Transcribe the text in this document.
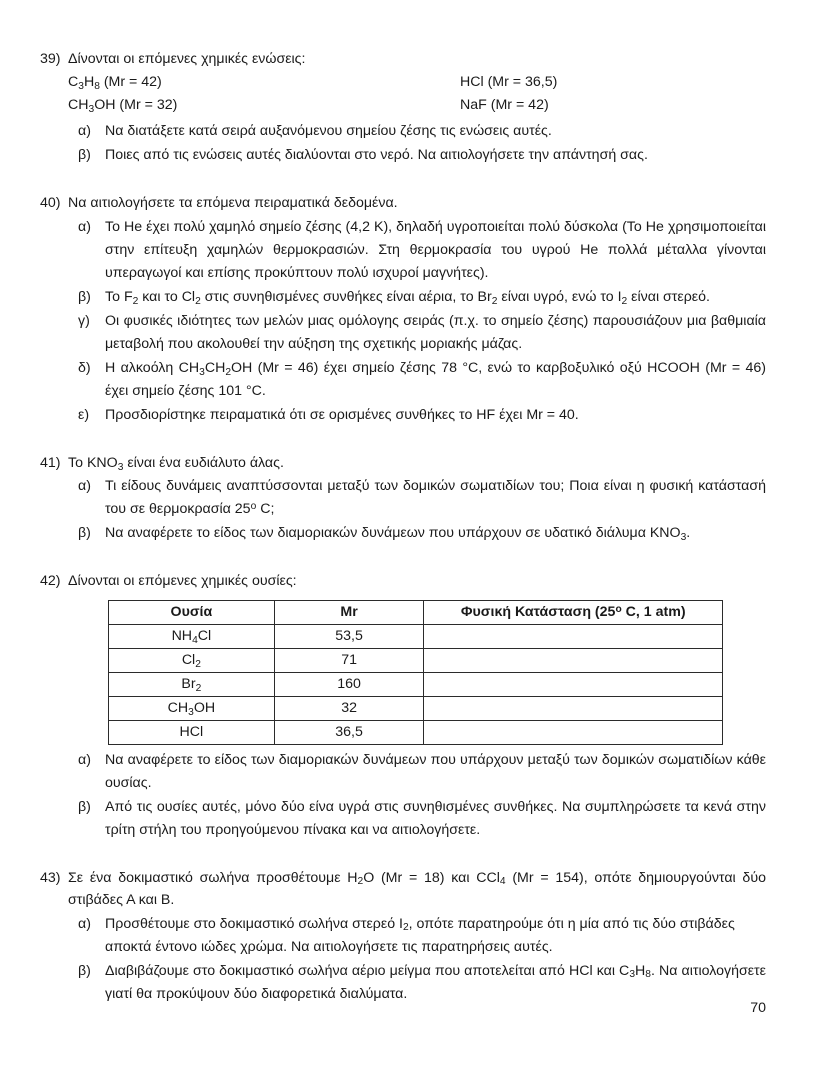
39) Δίνονται οι επόμενες χημικές ενώσεις:
$C_3H_8$ (Mr = 42)	HCl (Mr = 36,5)
$CH_3OH$ (Mr = 32)	NaF (Mr = 42)
α) Να διατάξετε κατά σειρά αυξανόμενου σημείου ζέσης τις ενώσεις αυτές.
β) Ποιες από τις ενώσεις αυτές διαλύονται στο νερό. Να αιτιολογήσετε την απάντησή σας.
40) Να αιτιολογήσετε τα επόμενα πειραματικά δεδομένα.
α) Το He έχει πολύ χαμηλό σημείο ζέσης (4,2 Κ), δηλαδή υγροποιείται πολύ δύσκολα (Το He χρησιμοποιείται στην επίτευξη χαμηλών θερμοκρασιών. Στη θερμοκρασία του υγρού He πολλά μέταλλα γίνονται υπεραγωγοί και επίσης προκύπτουν πολύ ισχυροί μαγνήτες).
β) Το $F_2$ και το $Cl_2$ στις συνηθισμένες συνθήκες είναι αέρια, το $Br_2$ είναι υγρό, ενώ το $I_2$ είναι στερεό.
γ)	Οι φυσικές ιδιότητες των μελών μιας ομόλογης σειράς (π.χ. το σημείο ζέσης) παρουσιάζουν μια βαθμιαία μεταβολή που ακολουθεί την αύξηση της σχετικής μοριακής μάζας.
δ)	Η αλκοόλη $CH_3CH_2OH$ (Mr = 46) έχει σημείο ζέσης 78 °C, ενώ το καρβοξυλικό οξύ HCOOH (Mr = 46) έχει σημείο ζέσης 101 °C.
ε)	Προσδιορίστηκε πειραματικά ότι σε ορισμένες συνθήκες το HF έχει Mr = 40.
41) Το $KNO_3$ είναι ένα ευδιάλυτο άλας.
α) Τι είδους δυνάμεις αναπτύσσονται μεταξύ των δομικών σωματιδίων του; Ποια είναι η φυσική κατάστασή του σε θερμοκρασία $25^o$ C;
β) Να αναφέρετε το είδος των διαμοριακών δυνάμεων που υπάρχουν σε υδατικό διάλυμα $KNO_3$.
42) Δίνονται οι επόμενες χημικές ουσίες:
Ουσία	Mr	Φυσική Κατάσταση ($25^o$ C, 1 atm)
$NH_4Cl$	53,5	
$Cl_2$	71	
$Br_2$	160	
$CH_3OH$	32	
HCl	36,5	
α) Να αναφέρετε το είδος των διαμοριακών δυνάμεων που υπάρχουν μεταξύ των δομικών σωματιδίων κάθε ουσίας.
β) Από τις ουσίες αυτές, μόνο δύο είνα υγρά στις συνηθισμένες συνθήκες. Να συμπληρώσετε τα κενά στην τρίτη στήλη του προηγούμενου πίνακα και να αιτιολογήσετε.
43) Σε ένα δοκιμαστικό σωλήνα προσθέτουμε $H_2O$ (Mr = 18) και CCl$_4$ (Mr = 154), οπότε δημιουργούνται δύο στιβάδες Α και Β.
α) Προσθέτουμε στο δοκιμαστικό σωλήνα στερεό $I_2$, οπότε παρατηρούμε ότι η μία από τις δύο στιβάδες αποκτά έντονο ιώδες χρώμα. Να αιτιολογήσετε τις παρατηρήσεις αυτές.
β) Διαβιβάζουμε στο δοκιμαστικό σωλήνα αέριο μείγμα που αποτελείται από HCl και $C_3H_8$. Να αιτιολογήσετε γιατί θα προκύψουν δύο διαφορετικά διαλύματα.
70
